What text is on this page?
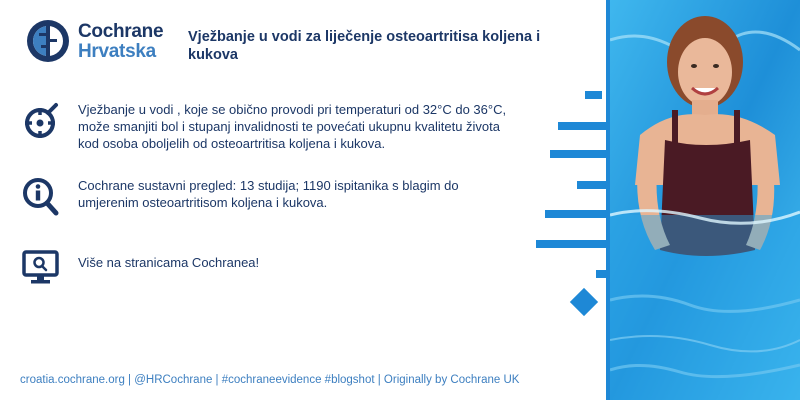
Cochrane
Hrvatska
Vježbanje u vodi za liječenje osteoartritisa koljena i kukova
Vježbanje u vodi , koje se obično provodi pri temperaturi od 32°C do 36°C, može smanjiti bol i stupanj invalidnosti te povećati ukupnu kvalitetu života kod osoba oboljelih od osteoartritisa koljena i kukova.
Cochrane sustavni pregled: 13 studija; 1190 ispitanika s blagim do umjerenim osteoartritisom koljena i kukova.
Više na stranicama Cochranea!
croatia.cochrane.org | @HRCochrane | #cochraneevidence #blogshot | Originally by Cochrane UK
